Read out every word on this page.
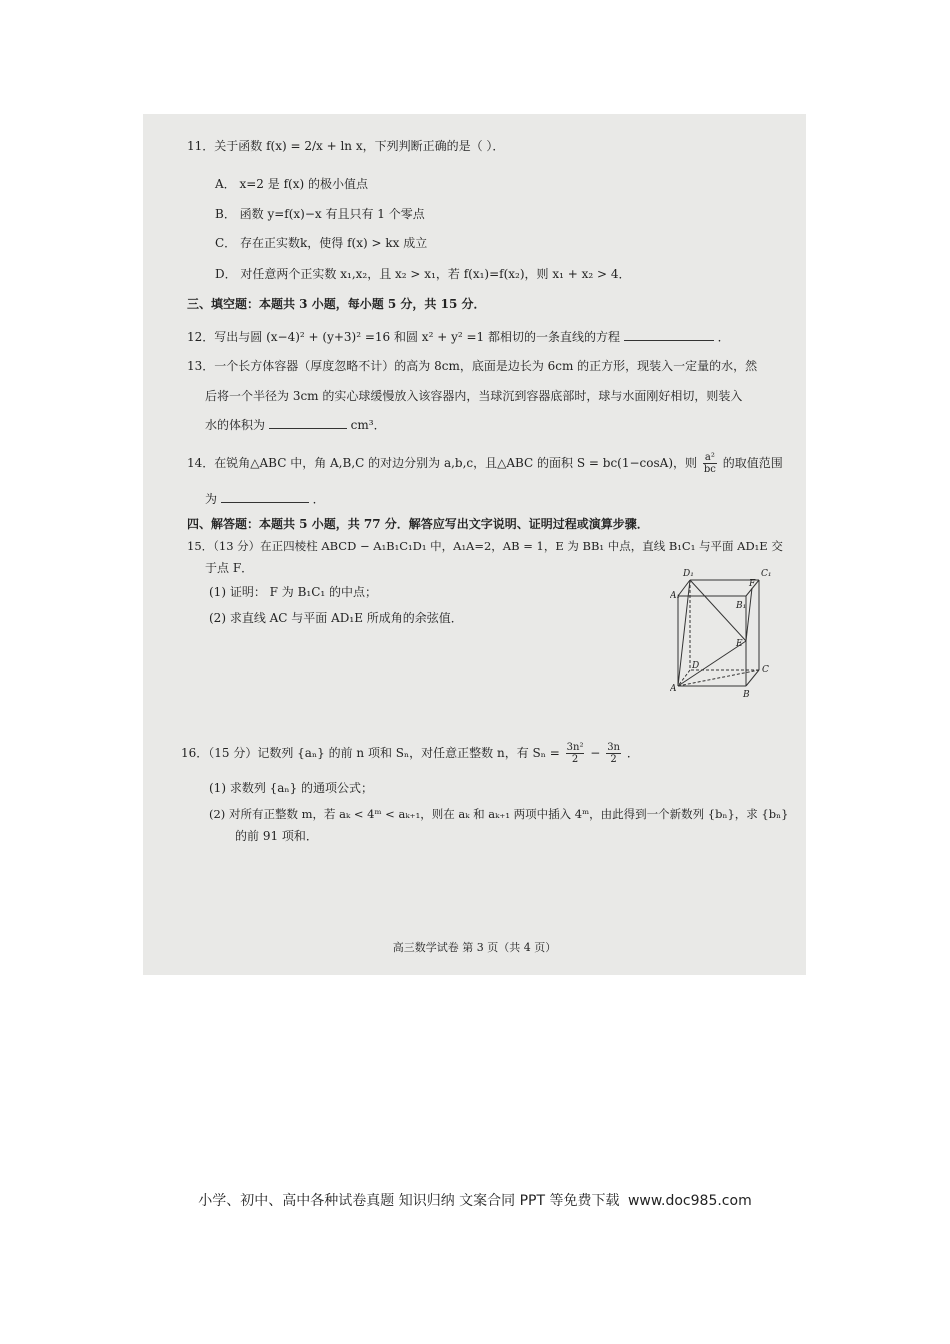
11．关于函数 f(x) = 2/x + ln x，下列判断正确的是（ ）．
A． x=2 是 f(x) 的极小值点
B． 函数 y=f(x)−x 有且只有 1 个零点
C． 存在正实数k，使得 f(x) > kx 成立
D． 对任意两个正实数 x₁,x₂，且 x₂ > x₁，若 f(x₁)=f(x₂)，则 x₁ + x₂ > 4．
三、填空题：本题共 3 小题，每小题 5 分，共 15 分．
12．写出与圆 (x−4)² + (y+3)² =16 和圆 x² + y² =1 都相切的一条直线的方程	．
13．一个长方体容器（厚度忽略不计）的高为 8cm，底面是边长为 6cm 的正方形，现装入一定量的水，然
后将一个半径为 3cm 的实心球缓慢放入该容器内，当球沉到容器底部时，球与水面刚好相切，则装入
水的体积为	cm³．
14．在锐角△ABC 中，角 A,B,C 的对边分别为 a,b,c，且△ABC 的面积 S = bc(1−cosA)，则 $\frac{\text{a²}}{bc}$ 的取值范围
为	．
四、解答题：本题共 5 小题，共 77 分．解答应写出文字说明、证明过程或演算步骤．
15．（13 分）在正四棱柱 ABCD − A₁B₁C₁D₁ 中，A₁A=2，AB = 1，E 为 BB₁ 中点，直线 B₁C₁ 与平面 AD₁E 交
于点 F．
(1) 证明： F 为 B₁C₁ 的中点；
(2) 求直线 AC 与平面 AD₁E 所成角的余弦值．
D₁	C₁
F
A₁
B₁
E
D	C
A
B
16．（15 分）记数列 {aₙ} 的前 n 项和 Sₙ，对任意正整数 n，有 $S_n = \frac{\text{3n²}}{2} - \frac{3n}{2}$ ．
(1) 求数列 {aₙ} 的通项公式；
(2) 对所有正整数 m，若 aₖ < 4ᵐ < aₖ₊₁，则在 aₖ 和 aₖ₊₁ 两项中插入 4ᵐ，由此得到一个新数列 {bₙ}，求 {bₙ}
的前 91 项和．
高三数学试卷 第 3 页（共 4 页）
小学、初中、高中各种试卷真题 知识归纳 文案合同 PPT 等免费下载 www.doc985.com
